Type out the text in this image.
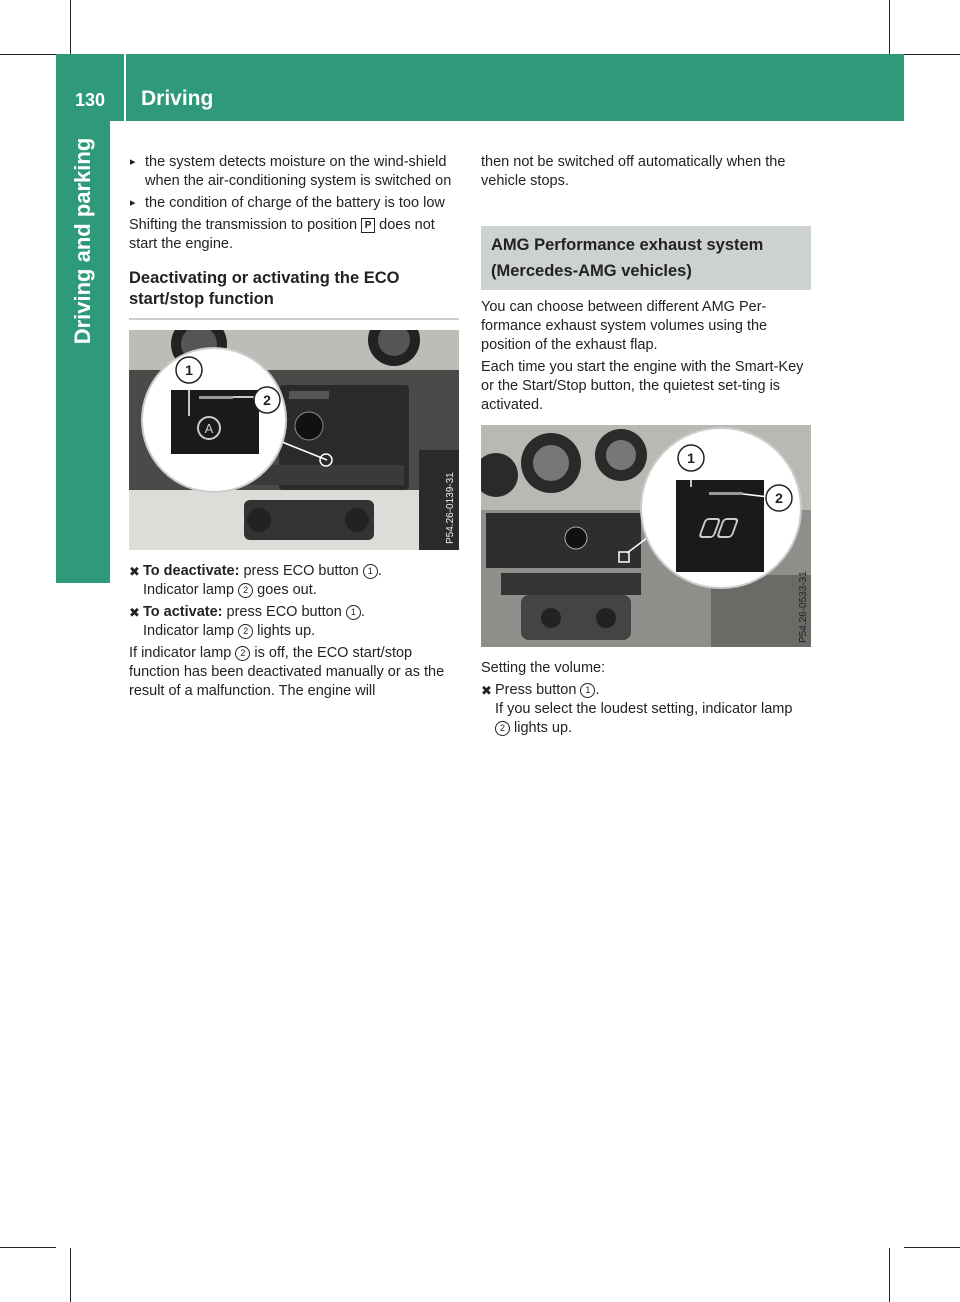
130 Driving
Driving and parking	▸ the system detects moisture on the wind-shield when the air-conditioning system is switched on

▸ the condition of charge of the battery is too low

Shifting the transmission to position P does not start the engine.

Deactivating or activating the ECO start/stop function
A
1
2
P54.26-0139-31

✖ To deactivate: press ECO button 1 .
Indicator lamp 2 goes out.

✖ To activate: press ECO button 1 .
Indicator lamp 2 lights up.

If indicator lamp 2 is off, the ECO start/stop function has been deactivated manually or as the result of a malfunction. The engine will

then not be switched off automatically when the vehicle stops.

AMG Performance exhaust system (Mercedes-AMG vehicles)

You can choose between different AMG Per-formance exhaust system volumes using the position of the exhaust flap.

Each time you start the engine with the Smart-Key or the Start/Stop button, the quietest set-ting is activated.

1
2
P54.26-0533-31

Setting the volume:

✖ Press button 1 .
If you select the loudest setting, indicator lamp 2 lights up.
